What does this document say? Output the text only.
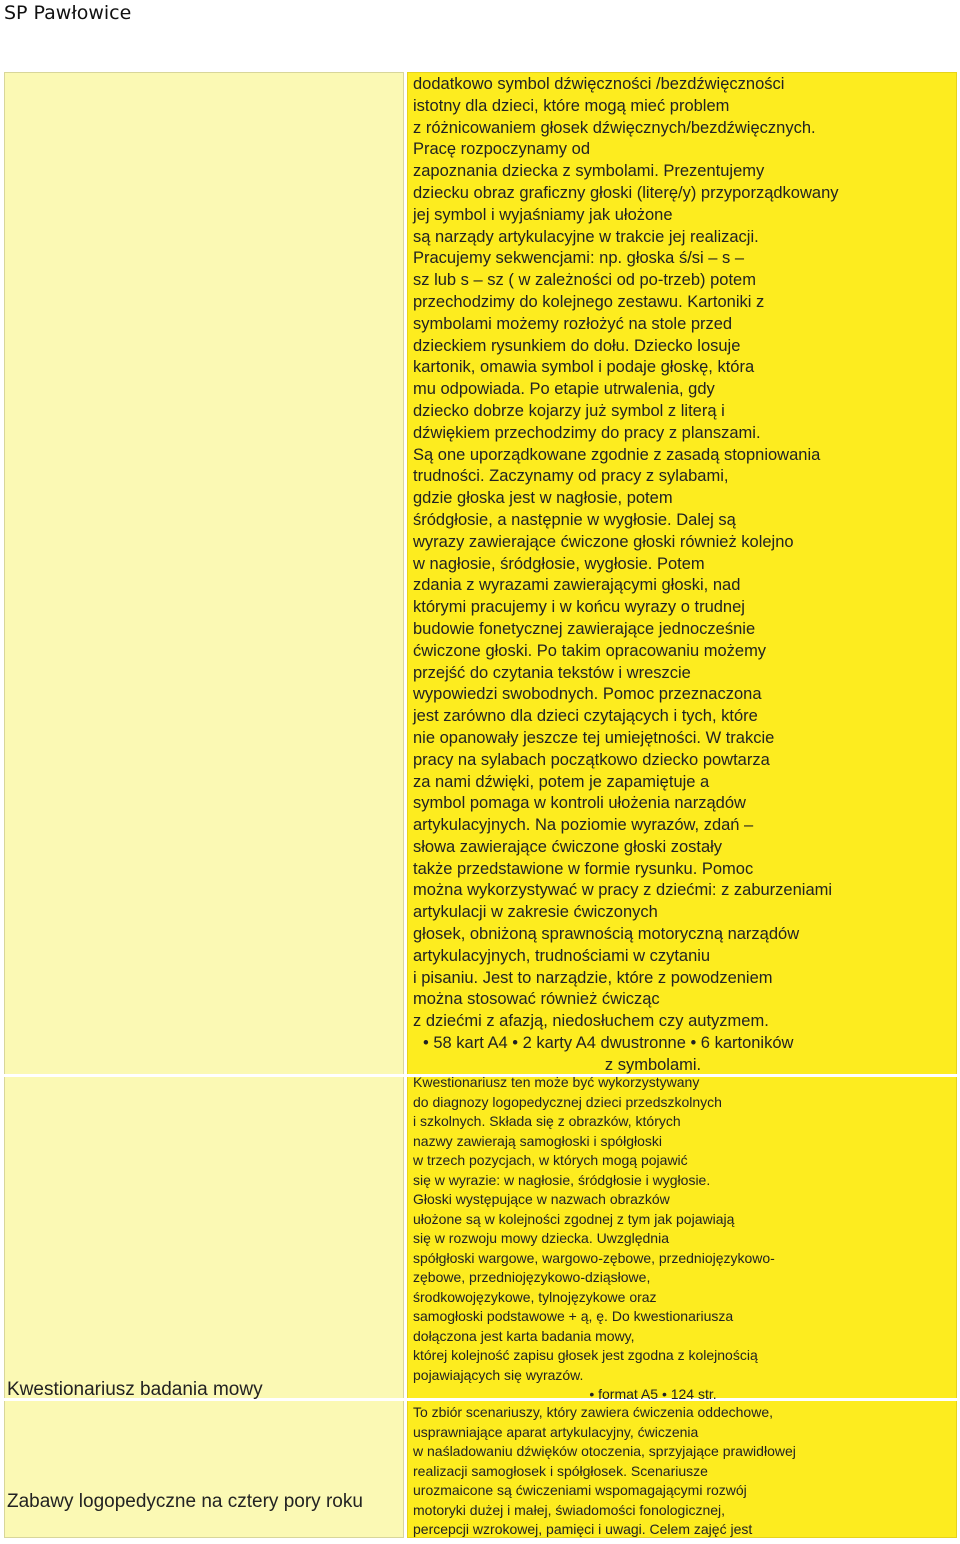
SP Pawłowice

dodatkowo symbol dźwięczności /bezdźwięczności

istotny dla dzieci, które mogą mieć problem

z różnicowaniem głosek dźwięcznych/bezdźwięcznych.

Pracę rozpoczynamy od

zapoznania dziecka z symbolami. Prezentujemy

dziecku obraz graficzny głoski (literę/y) przyporządkowany

jej symbol i wyjaśniamy jak ułożone

są narządy artykulacyjne w trakcie jej realizacji.

Pracujemy sekwencjami: np. głoska ś/si – s –

sz lub s – sz ( w zależności od po-trzeb) potem

przechodzimy do kolejnego zestawu. Kartoniki z

symbolami możemy rozłożyć na stole przed

dzieckiem rysunkiem do dołu. Dziecko losuje

kartonik, omawia symbol i podaje głoskę, która

mu odpowiada. Po etapie utrwalenia, gdy

dziecko dobrze kojarzy już symbol z literą i

dźwiękiem przechodzimy do pracy z planszami.

Są one uporządkowane zgodnie z zasadą stopniowania

trudności. Zaczynamy od pracy z sylabami,

gdzie głoska jest w nagłosie, potem

śródgłosie, a następnie w wygłosie. Dalej są

wyrazy zawierające ćwiczone głoski również kolejno

w nagłosie, śródgłosie, wygłosie. Potem

zdania z wyrazami zawierającymi głoski, nad

którymi pracujemy i w końcu wyrazy o trudnej

budowie fonetycznej zawierające jednocześnie

ćwiczone głoski. Po takim opracowaniu możemy

przejść do czytania tekstów i wreszcie

wypowiedzi swobodnych. Pomoc przeznaczona

jest zarówno dla dzieci czytających i tych, które

nie opanowały jeszcze tej umiejętności. W trakcie

pracy na sylabach początkowo dziecko powtarza

za nami dźwięki, potem je zapamiętuje a

symbol pomaga w kontroli ułożenia narządów

artykulacyjnych. Na poziomie wyrazów, zdań –

słowa zawierające ćwiczone głoski zostały

także przedstawione w formie rysunku. Pomoc

można wykorzystywać w pracy z dziećmi: z zaburzeniami

artykulacji w zakresie ćwiczonych

głosek, obniżoną sprawnością motoryczną narządów

artykulacyjnych, trudnościami w czytaniu

i pisaniu. Jest to narządzie, które z powodzeniem

można stosować również ćwicząc

z dziećmi z afazją, niedosłuchem czy autyzmem.

• 58 kart A4 • 2 karty A4 dwustronne • 6 kartoników

z symbolami.

Kwestionariusz badania mowy

Kwestionariusz ten może być wykorzystywany

do diagnozy logopedycznej dzieci przedszkolnych

i szkolnych. Składa się z obrazków, których

nazwy zawierają samogłoski i spółgłoski

w trzech pozycjach, w których mogą pojawić

się w wyrazie: w nagłosie, śródgłosie i wygłosie.

Głoski występujące w nazwach obrazków

ułożone są w kolejności zgodnej z tym jak pojawiają

się w rozwoju mowy dziecka. Uwzględnia

spółgłoski wargowe, wargowo-zębowe, przedniojęzykowo-

zębowe, przedniojęzykowo-dziąsłowe,

środkowojęzykowe, tylnojęzykowe oraz

samogłoski podstawowe + ą, ę. Do kwestionariusza

dołączona jest karta badania mowy,

której kolejność zapisu głosek jest zgodna z kolejnością

pojawiających się wyrazów.

• format A5 • 124 str.

Zabawy logopedyczne na cztery pory roku

To zbiór scenariuszy, który zawiera ćwiczenia oddechowe,

usprawniające aparat artykulacyjny, ćwiczenia

w naśladowaniu dźwięków otoczenia, sprzyjające prawidłowej

realizacji samogłosek i spółgłosek. Scenariusze

urozmaicone są ćwiczeniami wspomagającymi rozwój

motoryki dużej i małej, świadomości fonologicznej,

percepcji wzrokowej, pamięci i uwagi. Celem zajęć jest
